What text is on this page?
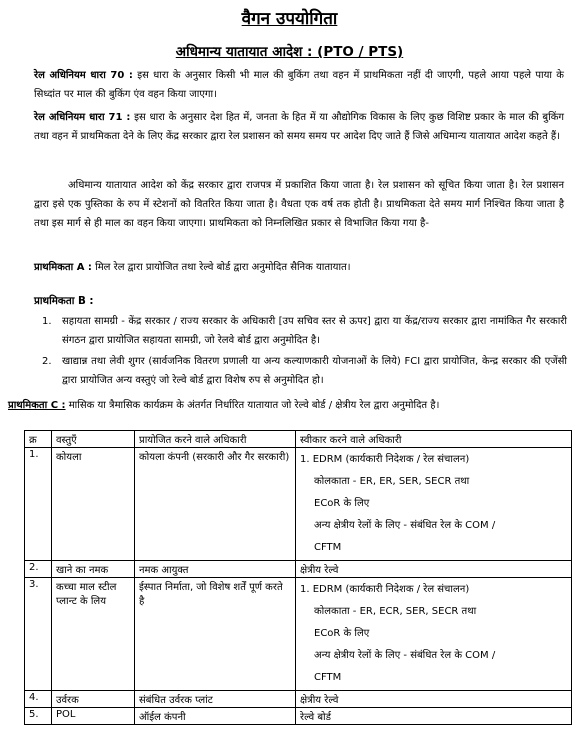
वैगन उपयोगिता
अधिमान्य यातायात आदेश : (PTO / PTS)
रेल अधिनियम धारा 70 : इस धारा के अनुसार किसी भी माल की बुकिंग तथा वहन में प्राथमिकता नहीं दी जाएगी, पहले आया पहले पाया के सिध्दांत पर माल की बुकिंग एंव वहन किया जाएगा।
रेल अधिनियम धारा 71 : इस धारा के अनुसार देश हित में, जनता के हित में या औद्योगिक विकास के लिए कुछ विशिष्ट प्रकार के माल की बुकिंग तथा वहन में प्राथमिकता देने के लिए केंद्र सरकार द्वारा रेल प्रशासन को समय समय पर आदेश दिए जाते हैं जिसे अधिमान्य यातायात आदेश कहते हैं।
अधिमान्य यातायात आदेश को केंद्र सरकार द्वारा राजपत्र में प्रकाशित किया जाता है। रेल प्रशासन को सूचित किया जाता है। रेल प्रशासन द्वारा इसे एक पुस्तिका के रुप में स्टेशनों को वितरित किया जाता है। वैधता एक वर्ष तक होती है। प्राथमिकता देते समय मार्ग निश्चित किया जाता है तथा इस मार्ग से ही माल का वहन किया जाएगा। प्राथमिकता को निम्नलिखित प्रकार से विभाजित किया गया है-
प्राथमिकता A : मिल रेल द्वारा प्रायोजित तथा रेल्वे बोर्ड द्वारा अनुमोदित सैनिक यातायात।
प्राथमिकता B :
1. सहायता सामग्री - केंद्र सरकार / राज्य सरकार के अधिकारी [उप सचिव स्तर से ऊपर] द्वारा या केंद्र/राज्य सरकार द्वारा नामांकित गैर सरकारी संगठन द्वारा प्रायोजित सहायता सामग्री, जो रेलवे बोर्ड द्वारा अनुमोदित है।
2. खाद्यान्न तथा लेवी शुगर (सार्वजनिक वितरण प्रणाली या अन्य कल्याणकारी योजनाओं के लिये) FCI द्वारा प्रायोजित, केन्द्र सरकार की एजेंसी द्वारा प्रायोजित अन्य वस्तुएं जो रेल्वे बोर्ड द्वारा विशेष रुप से अनुमोदित हो।
प्राथमिकता C : मासिक या त्रैमासिक कार्यक्रम के अंतर्गत निर्धारित यातायात जो रेल्वे बोर्ड / क्षेत्रीय रेल द्वारा अनुमोदित है।
क्र	वस्तुएँ	प्रायोजित करने वाले अधिकारी	स्वीकार करने वाले अधिकारी
1.	कोयला	कोयला कंपनी (सरकारी और गैर सरकारी)	1. EDRM (कार्यकारी निदेशक / रेल संचालन)
कोलकाता - ER, ER, SER, SECR तथा
ECoR के लिए
अन्य क्षेत्रीय रेलों के लिए - संबंधित रेल के COM /
CFTM

2.	खाने का नमक	नमक आयुक्त	क्षेत्रीय रेल्वे

3.	कच्चा माल स्टील प्लान्ट के लिय	ईस्पात निर्माता, जो विशेष शर्तें पूर्ण करते है	1. EDRM (कार्यकारी निदेशक / रेल संचालन)
कोलकाता - ER, ECR, SER, SECR तथा
ECoR के लिए
अन्य क्षेत्रीय रेलों के लिए - संबंधित रेल के COM /
CFTM

4.	उर्वरक	संबंधित उर्वरक प्लांट	क्षेत्रीय रेल्वे

5.	POL	ऑईल कंपनी	रेल्वे बोर्ड
